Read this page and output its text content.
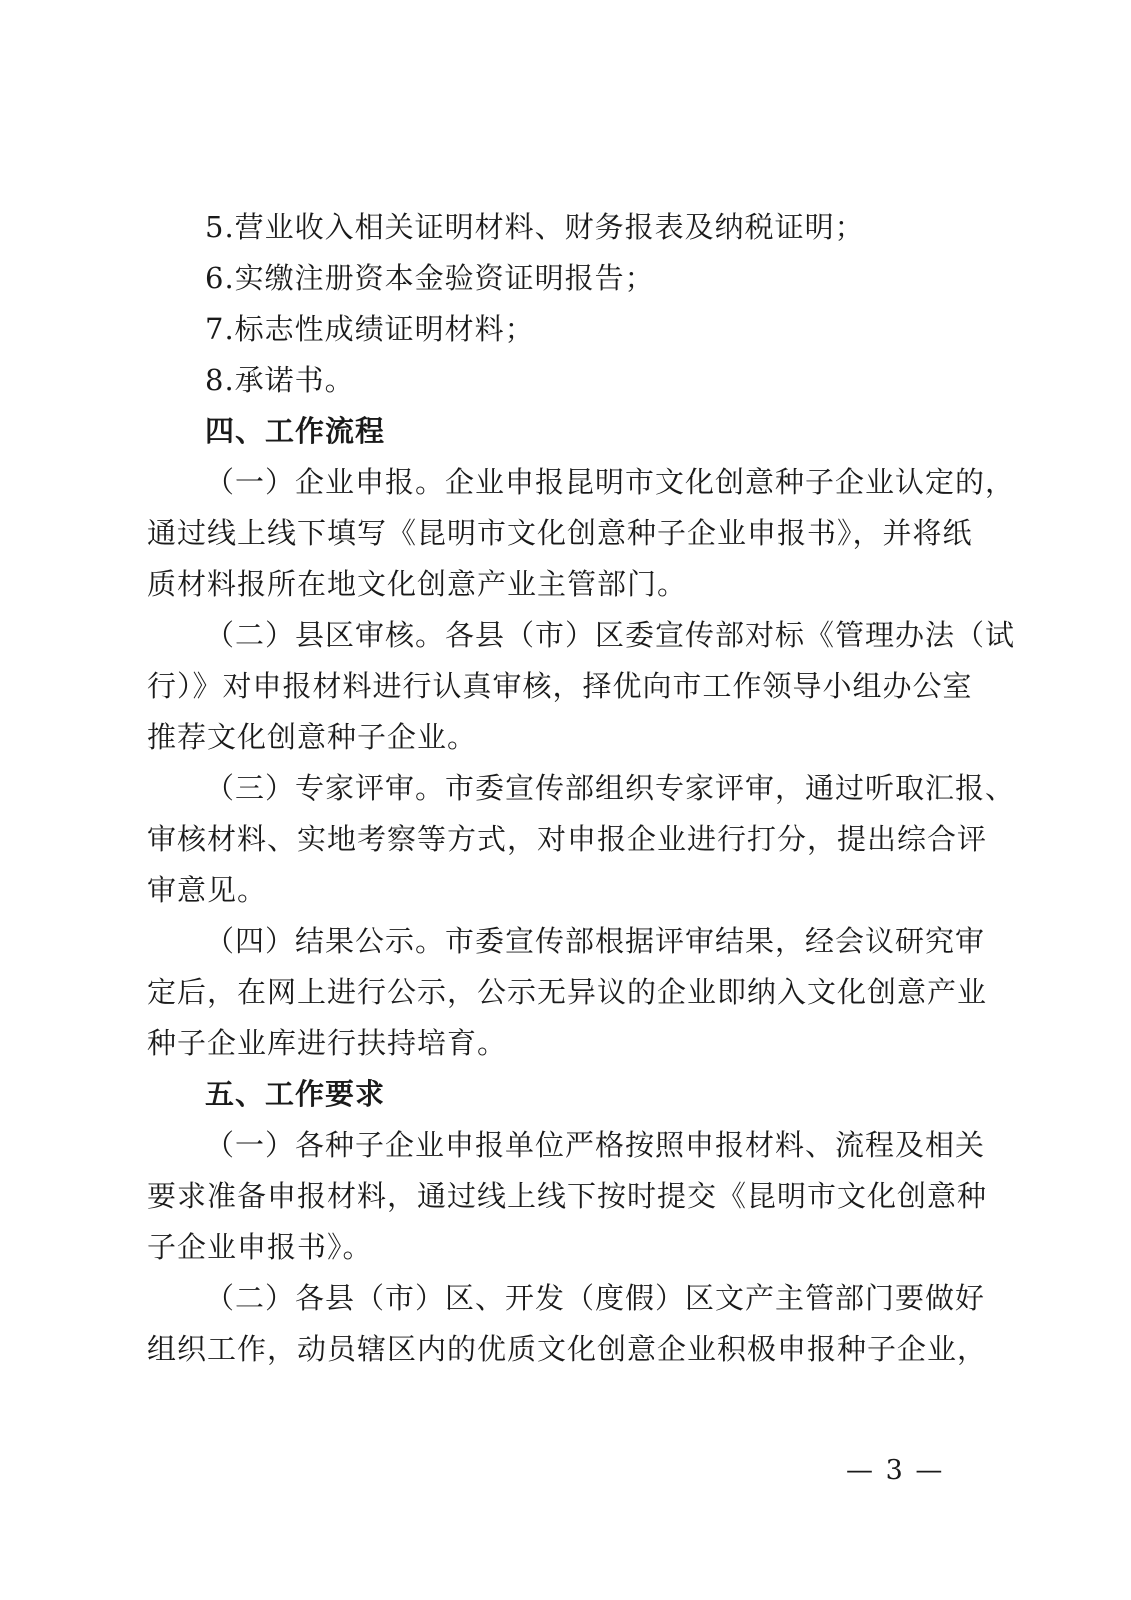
5.营业收入相关证明材料、财务报表及纳税证明；
6.实缴注册资本金验资证明报告；
7.标志性成绩证明材料；
8.承诺书。
四、工作流程
（一）企业申报。企业申报昆明市文化创意种子企业认定的，
通过线上线下填写《昆明市文化创意种子企业申报书》，并将纸
质材料报所在地文化创意产业主管部门。
（二）县区审核。各县（市）区委宣传部对标《管理办法（试
行）》对申报材料进行认真审核，择优向市工作领导小组办公室
推荐文化创意种子企业。
（三）专家评审。市委宣传部组织专家评审，通过听取汇报、
审核材料、实地考察等方式，对申报企业进行打分，提出综合评
审意见。
（四）结果公示。市委宣传部根据评审结果，经会议研究审
定后，在网上进行公示，公示无异议的企业即纳入文化创意产业
种子企业库进行扶持培育。
五、工作要求
（一）各种子企业申报单位严格按照申报材料、流程及相关
要求准备申报材料，通过线上线下按时提交《昆明市文化创意种
子企业申报书》。
（二）各县（市）区、开发（度假）区文产主管部门要做好
组织工作，动员辖区内的优质文化创意企业积极申报种子企业，
— 3 —
